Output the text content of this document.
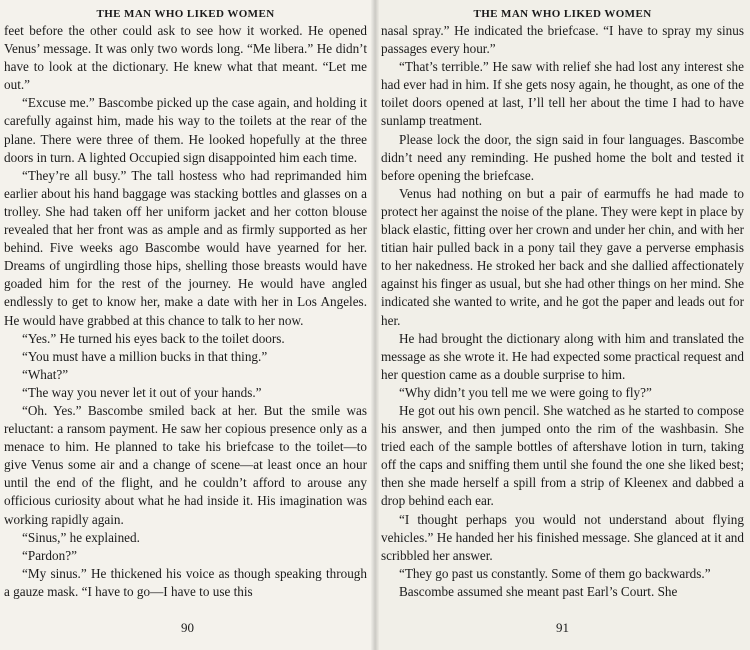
THE MAN WHO LIKED WOMEN

feet before the other could ask to see how it worked. He opened Venus’ message. It was only two words long. “Me libera.” He didn’t have to look at the dictionary. He knew what that meant. “Let me out.”

“Excuse me.” Bascombe picked up the case again, and holding it carefully against him, made his way to the toilets at the rear of the plane. There were three of them. He looked hopefully at the three doors in turn. A lighted Occupied sign disappointed him each time.

“They’re all busy.” The tall hostess who had reprimanded him earlier about his hand baggage was stacking bottles and glasses on a trolley. She had taken off her uniform jacket and her cotton blouse revealed that her front was as ample and as firmly supported as her behind. Five weeks ago Bascombe would have yearned for her. Dreams of ungirdling those hips, shelling those breasts would have goaded him for the rest of the journey. He would have angled endlessly to get to know her, make a date with her in Los Angeles. He would have grabbed at this chance to talk to her now.

“Yes.” He turned his eyes back to the toilet doors.

“You must have a million bucks in that thing.”

“What?”

“The way you never let it out of your hands.”

“Oh. Yes.” Bascombe smiled back at her. But the smile was reluctant: a ransom payment. He saw her copious presence only as a menace to him. He planned to take his briefcase to the toilet—to give Venus some air and a change of scene—at least once an hour until the end of the flight, and he couldn’t afford to arouse any officious curiosity about what he had inside it. His imagination was working rapidly again.

“Sinus,” he explained.

“Pardon?”

“My sinus.” He thickened his voice as though speaking through a gauze mask. “I have to go—I have to use this

90
THE MAN WHO LIKED WOMEN

nasal spray.” He indicated the briefcase. “I have to spray my sinus passages every hour.”

“That’s terrible.” He saw with relief she had lost any interest she had ever had in him. If she gets nosy again, he thought, as one of the toilet doors opened at last, I’ll tell her about the time I had to have sunlamp treatment.

Please lock the door, the sign said in four languages. Bascombe didn’t need any reminding. He pushed home the bolt and tested it before opening the briefcase.

Venus had nothing on but a pair of earmuffs he had made to protect her against the noise of the plane. They were kept in place by black elastic, fitting over her crown and under her chin, and with her titian hair pulled back in a pony tail they gave a perverse emphasis to her nakedness. He stroked her back and she dallied affectionately against his finger as usual, but she had other things on her mind. She indicated she wanted to write, and he got the paper and leads out for her.

He had brought the dictionary along with him and translated the message as she wrote it. He had expected some practical request and her question came as a double surprise to him.

“Why didn’t you tell me we were going to fly?”

He got out his own pencil. She watched as he started to compose his answer, and then jumped onto the rim of the washbasin. She tried each of the sample bottles of aftershave lotion in turn, taking off the caps and sniffing them until she found the one she liked best; then she made herself a spill from a strip of Kleenex and dabbed a drop behind each ear.

“I thought perhaps you would not understand about flying vehicles.” He handed her his finished message. She glanced at it and scribbled her answer.

“They go past us constantly. Some of them go backwards.”

Bascombe assumed she meant past Earl’s Court. She

91
